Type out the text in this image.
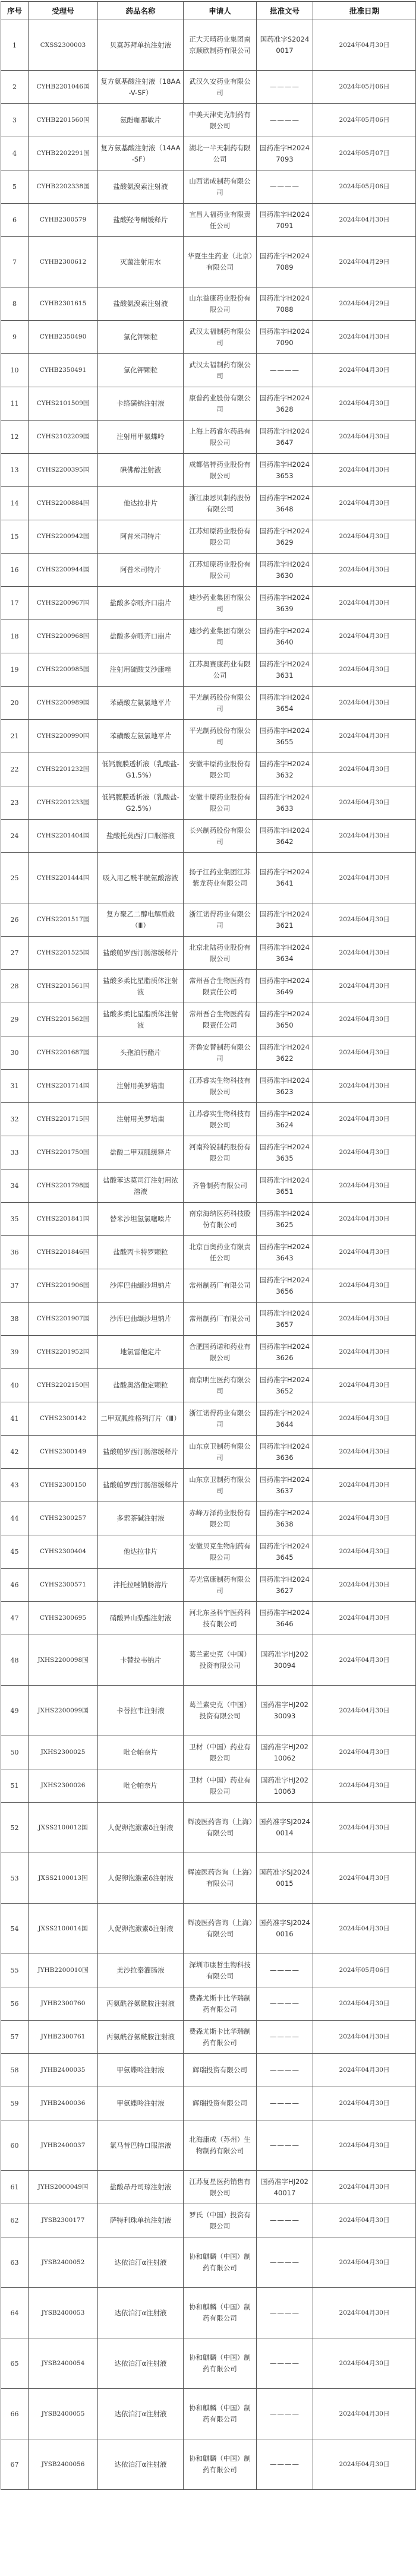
序号	受理号	药品名称	申请人	批准文号	批准日期
1	CXSS2300003	贝莫苏拜单抗注射液	正大天晴药业集团南京顺欣制药有限公司	国药准字S20240017	2024年04月30日
2	CYHB2201046国	复方氨基酸注射液（18AA-V-SF）	武汉久安药业有限公司	————	2024年05月06日
3	CYHB2201560国	氨酚咖那敏片	中美天津史克制药有限公司	————	2024年05月06日
4	CYHB2202291国	复方氨基酸注射液（14AA-SF）	湖北一半天制药有限公司	国药准字H20247093	2024年05月07日
5	CYHB2202338国	盐酸氨溴索注射液	山西诺成制药有限公司	————	2024年05月06日
6	CYHB2300579	盐酸羟考酮缓释片	宜昌人福药业有限责任公司	国药准字H20247091	2024年04月30日
7	CYHB2300612	灭菌注射用水	华夏生生药业（北京）有限公司	国药准字H20247089	2024年04月29日
8	CYHB2301615	盐酸氨溴索注射液	山东益康药业股份有限公司	国药准字H20247088	2024年04月29日
9	CYHB2350490	氯化钾颗粒	武汉太福制药有限公司	国药准字H20247090	2024年04月30日
10	CYHB2350491	氯化钾颗粒	武汉太福制药有限公司	————	2024年04月30日
11	CYHS2101509国	卡络磺钠注射液	康普药业股份有限公司	国药准字H20243628	2024年04月30日
12	CYHS2102209国	注射用甲氨蝶呤	上海上药睿尔药品有限公司	国药准字H20243647	2024年04月30日
13	CYHS2200395国	碘佛醇注射液	成都倍特药业股份有限公司	国药准字H20243653	2024年04月30日
14	CYHS2200884国	他达拉非片	浙江康恩贝制药股份有限公司	国药准字H20243648	2024年04月30日
15	CYHS2200942国	阿普米司特片	江苏知原药业股份有限公司	国药准字H20243629	2024年04月30日
16	CYHS2200944国	阿普米司特片	江苏知原药业股份有限公司	国药准字H20243630	2024年04月30日
17	CYHS2200967国	盐酸多奈哌齐口崩片	迪沙药业集团有限公司	国药准字H20243639	2024年04月30日
18	CYHS2200968国	盐酸多奈哌齐口崩片	迪沙药业集团有限公司	国药准字H20243640	2024年04月30日
19	CYHS2200985国	注射用硫酸艾沙康唑	江苏奥赛康药业有限公司	国药准字H20243631	2024年04月30日
20	CYHS2200989国	苯磺酸左氨氯地平片	平光制药股份有限公司	国药准字H20243654	2024年04月30日
21	CYHS2200990国	苯磺酸左氨氯地平片	平光制药股份有限公司	国药准字H20243655	2024年04月30日
22	CYHS2201232国	低钙腹膜透析液（乳酸盐-G1.5%）	安徽丰原药业股份有限公司	国药准字H20243632	2024年04月30日
23	CYHS2201233国	低钙腹膜透析液（乳酸盐-G2.5%）	安徽丰原药业股份有限公司	国药准字H20243633	2024年04月30日
24	CYHS2201404国	盐酸托莫西汀口服溶液	长兴制药股份有限公司	国药准字H20243642	2024年04月30日
25	CYHS2201444国	吸入用乙酰半胱氨酸溶液	扬子江药业集团江苏紫龙药业有限公司	国药准字H20243641	2024年04月30日
26	CYHS2201517国	复方聚乙二醇电解质散（Ⅲ）	浙江诺得药业有限公司	国药准字H20243621	2024年04月30日
27	CYHS2201525国	盐酸帕罗西汀肠溶缓释片	北京北陆药业股份有限公司	国药准字H20243634	2024年04月30日
28	CYHS2201561国	盐酸多柔比星脂质体注射液	常州吾合生物医药有限责任公司	国药准字H20243649	2024年04月30日
29	CYHS2201562国	盐酸多柔比星脂质体注射液	常州吾合生物医药有限责任公司	国药准字H20243650	2024年04月30日
30	CYHS2201687国	头孢泊肟酯片	齐鲁安替制药有限公司	国药准字H20243622	2024年04月30日
31	CYHS2201714国	注射用美罗培南	江苏睿实生物科技有限公司	国药准字H20243623	2024年04月30日
32	CYHS2201715国	注射用美罗培南	江苏睿实生物科技有限公司	国药准字H20243624	2024年04月30日
33	CYHS2201750国	盐酸二甲双胍缓释片	河南羚锐制药股份有限公司	国药准字H20243635	2024年04月30日
34	CYHS2201798国	盐酸苯达莫司汀注射用浓溶液	齐鲁制药有限公司	国药准字H20243651	2024年04月30日
35	CYHS2201841国	替米沙坦氢氯噻嗪片	南京海纳医药科技股份有限公司	国药准字H20243625	2024年04月30日
36	CYHS2201846国	盐酸丙卡特罗颗粒	北京百奥药业有限责任公司	国药准字H20243643	2024年04月30日
37	CYHS2201906国	沙库巴曲缬沙坦钠片	常州制药厂有限公司	国药准字H20243656	2024年04月30日
38	CYHS2201907国	沙库巴曲缬沙坦钠片	常州制药厂有限公司	国药准字H20243657	2024年04月30日
39	CYHS2201952国	地氯雷他定片	合肥国药诺和药业有限公司	国药准字H20243626	2024年04月30日
40	CYHS2202150国	盐酸奥洛他定颗粒	南京明生医药有限公司	国药准字H20243652	2024年04月30日
41	CYHS2300142	二甲双胍维格列汀片（Ⅲ）	浙江诺得药业有限公司	国药准字H20243644	2024年04月30日
42	CYHS2300149	盐酸帕罗西汀肠溶缓释片	山东京卫制药有限公司	国药准字H20243636	2024年04月30日
43	CYHS2300150	盐酸帕罗西汀肠溶缓释片	山东京卫制药有限公司	国药准字H20243637	2024年04月30日
44	CYHS2300257	多索茶碱注射液	赤峰万泽药业股份有限公司	国药准字H20243638	2024年04月30日
45	CYHS2300404	他达拉非片	安徽贝克生物制药有限公司	国药准字H20243645	2024年04月30日
46	CYHS2300571	泮托拉唑钠肠溶片	寿光富康制药有限公司	国药准字H20243627	2024年04月30日
47	CYHS2300695	硝酸异山梨酯注射液	河北东圣科宇医药科技有限公司	国药准字H20243646	2024年04月30日
48	JXHS2200098国	卡替拉韦钠片	葛兰素史克（中国）投资有限公司	国药准字HJ20230094	2024年04月30日
49	JXHS2200099国	卡替拉韦注射液	葛兰素史克（中国）投资有限公司	国药准字HJ20230093	2024年04月30日
50	JXHS2300025	吡仑帕奈片	卫材（中国）药业有限公司	国药准字HJ20210062	2024年04月30日
51	JXHS2300026	吡仑帕奈片	卫材（中国）药业有限公司	国药准字HJ20210063	2024年04月30日
52	JXSS2100012国	人促卵泡激素δ注射液	辉凌医药咨询（上海）有限公司	国药准字SJ20240014	2024年04月30日
53	JXSS2100013国	人促卵泡激素δ注射液	辉凌医药咨询（上海）有限公司	国药准字SJ20240015	2024年04月30日
54	JXSS2100014国	人促卵泡激素δ注射液	辉凌医药咨询（上海）有限公司	国药准字SJ20240016	2024年04月30日
55	JYHB2200010国	美沙拉秦灌肠液	深圳市康哲生物科技有限公司	————	2024年05月06日
56	JYHB2300760	丙氨酰谷氨酰胺注射液	费森尤斯卡比华瑞制药有限公司	————	2024年04月30日
57	JYHB2300761	丙氨酰谷氨酰胺注射液	费森尤斯卡比华瑞制药有限公司	————	2024年04月30日
58	JYHB2400035	甲氨蝶呤注射液	辉瑞投资有限公司	————	2024年04月30日
59	JYHB2400036	甲氨蝶呤注射液	辉瑞投资有限公司	————	2024年04月30日
60	JYHB2400037	氯马昔巴特口服溶液	北海康成（苏州）生物制药有限公司	————	2024年04月30日
61	JYHS2000049国	盐酸昂丹司琼注射液	江苏复星医药销售有限公司	国药准字HJ20240017	2024年04月30日
62	JYSB2300177	萨特利珠单抗注射液	罗氏（中国）投资有限公司	————	2024年04月30日
63	JYSB2400052	达依泊汀α注射液	协和麒麟（中国）制药有限公司	————	2024年04月30日
64	JYSB2400053	达依泊汀α注射液	协和麒麟（中国）制药有限公司	————	2024年04月30日
65	JYSB2400054	达依泊汀α注射液	协和麒麟（中国）制药有限公司	————	2024年04月30日
66	JYSB2400055	达依泊汀α注射液	协和麒麟（中国）制药有限公司	————	2024年04月30日
67	JYSB2400056	达依泊汀α注射液	协和麒麟（中国）制药有限公司	————	2024年04月30日
